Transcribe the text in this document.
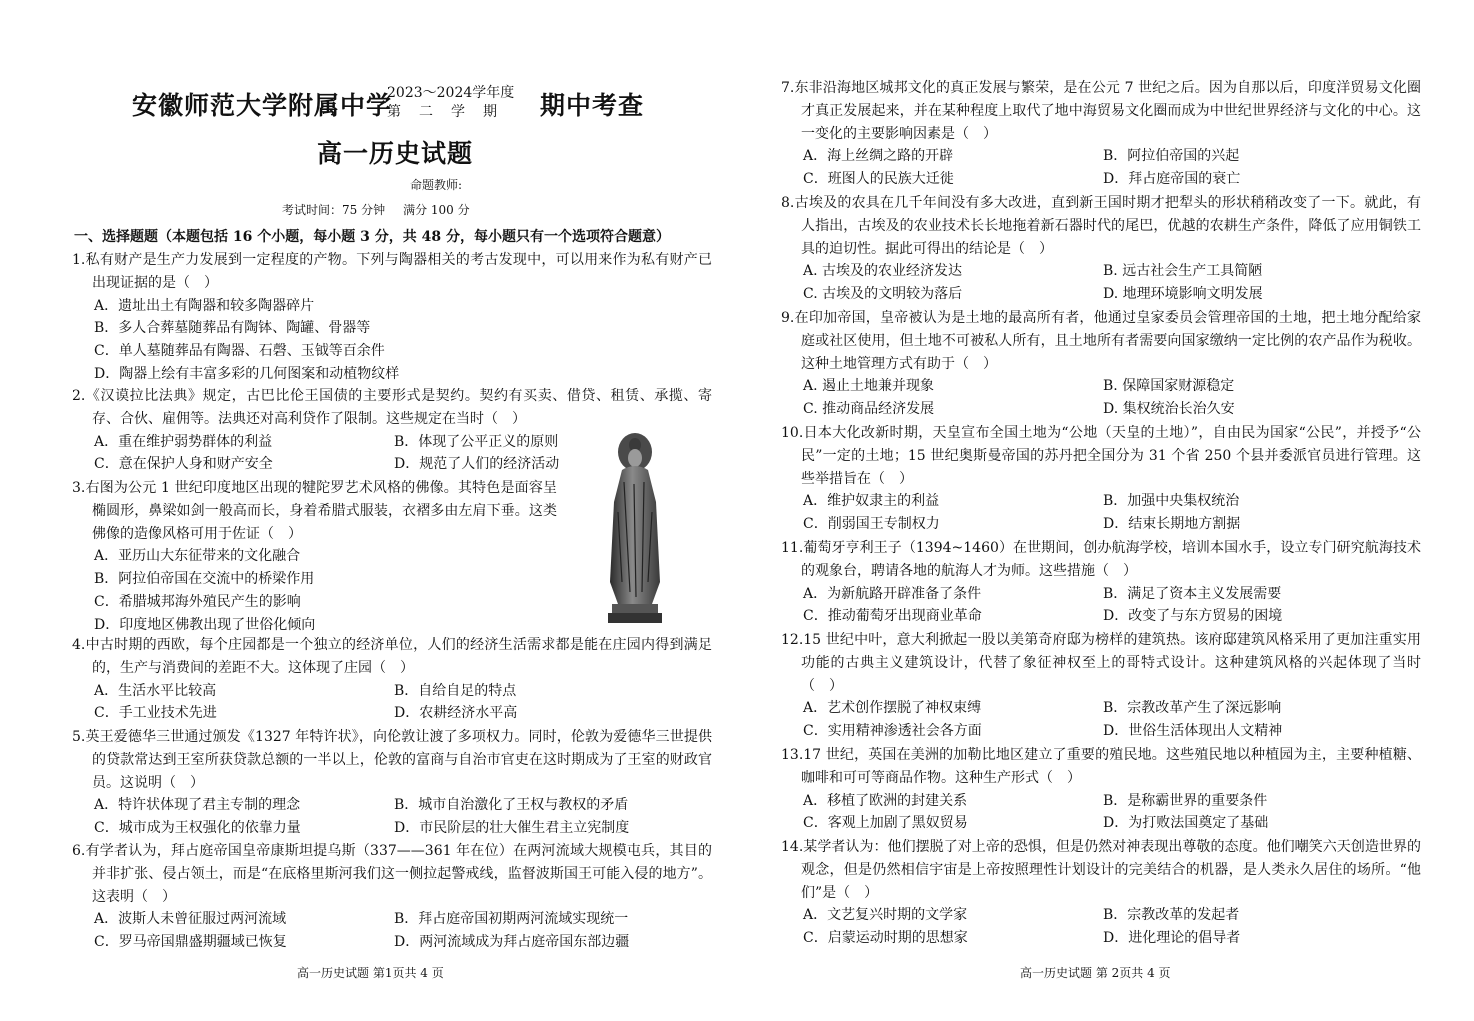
安徽师范大学附属中学
2023～2024学年度
第二学期 期中考查
高一历史试题
命题教师:
考试时间：75 分钟 满分 100 分
一、选择题题（本题包括 16 个小题，每小题 3 分，共 48 分，每小题只有一个选项符合题意）

1.私有财产是生产力发展到一定程度的产物。下列与陶器相关的考古发现中，可以用来作为私有财产已出现证据的是（　）

A．遗址出土有陶器和较多陶器碎片
B．多人合葬墓随葬品有陶钵、陶罐、骨器等
C．单人墓随葬品有陶器、石磬、玉钺等百余件
D．陶器上绘有丰富多彩的几何图案和动植物纹样

2.《汉谟拉比法典》规定，古巴比伦王国债的主要形式是契约。契约有买卖、借贷、租赁、承揽、寄存、合伙、雇佣等。法典还对高利贷作了限制。这些规定在当时（　）

A．重在维护弱势群体的利益	B．体现了公平正义的原则
C．意在保护人身和财产安全	D．规范了人们的经济活动

3.右图为公元 1 世纪印度地区出现的犍陀罗艺术风格的佛像。其特色是面容呈椭圆形，鼻梁如剑一般高而长，身着希腊式服装，衣褶多由左肩下垂。这类佛像的造像风格可用于佐证（　）

A．亚历山大东征带来的文化融合
B．阿拉伯帝国在交流中的桥梁作用
C．希腊城邦海外殖民产生的影响
D．印度地区佛教出现了世俗化倾向

4.中古时期的西欧，每个庄园都是一个独立的经济单位，人们的经济生活需求都是能在庄园内得到满足的，生产与消费间的差距不大。这体现了庄园（　）

A．生活水平比较高	B．自给自足的特点
C．手工业技术先进	D．农耕经济水平高

5.英王爱德华三世通过颁发《1327 年特许状》，向伦敦让渡了多项权力。同时，伦敦为爱德华三世提供的贷款常达到王室所获贷款总额的一半以上，伦敦的富商与自治市官吏在这时期成为了王室的财政官员。这说明（　）

A．特许状体现了君主专制的理念	B．城市自治激化了王权与教权的矛盾
C．城市成为王权强化的依靠力量	D．市民阶层的壮大催生君主立宪制度

6.有学者认为，拜占庭帝国皇帝康斯坦提乌斯（337——361 年在位）在两河流域大规模屯兵，其目的并非扩张、侵占领土，而是“在底格里斯河我们这一侧拉起警戒线，监督波斯国王可能入侵的地方”。这表明（　）

A．波斯人未曾征服过两河流域	B．拜占庭帝国初期两河流域实现统一
C．罗马帝国鼎盛期疆域已恢复	D．两河流域成为拜占庭帝国东部边疆
高一历史试题 第1页共 4 页

7.东非沿海地区城邦文化的真正发展与繁荣，是在公元 7 世纪之后。因为自那以后，印度洋贸易文化圈才真正发展起来，并在某种程度上取代了地中海贸易文化圈而成为中世纪世界经济与文化的中心。这一变化的主要影响因素是（　）

A．海上丝绸之路的开辟	B．阿拉伯帝国的兴起
C．班图人的民族大迁徙	D．拜占庭帝国的衰亡

8.古埃及的农具在几千年间没有多大改进，直到新王国时期才把犁头的形状稍稍改变了一下。就此，有人指出，古埃及的农业技术长长地拖着新石器时代的尾巴，优越的农耕生产条件，降低了应用铜铁工具的迫切性。据此可得出的结论是（　）

A. 古埃及的农业经济发达	B. 远古社会生产工具简陋
C. 古埃及的文明较为落后	D. 地理环境影响文明发展

9.在印加帝国，皇帝被认为是土地的最高所有者，他通过皇家委员会管理帝国的土地，把土地分配给家庭或社区使用，但土地不可被私人所有，且土地所有者需要向国家缴纳一定比例的农产品作为税收。这种土地管理方式有助于（　）

A. 遏止土地兼并现象	B. 保障国家财源稳定
C. 推动商品经济发展	D. 集权统治长治久安

10.日本大化改新时期，天皇宣布全国土地为“公地（天皇的土地）”，自由民为国家“公民”，并授予“公民”一定的土地；15 世纪奥斯曼帝国的苏丹把全国分为 31 个省 250 个县并委派官员进行管理。这些举措旨在（　）

A．维护奴隶主的利益	B．加强中央集权统治
C．削弱国王专制权力	D．结束长期地方割据

11.葡萄牙亨利王子（1394~1460）在世期间，创办航海学校，培训本国水手，设立专门研究航海技术的观象台，聘请各地的航海人才为师。这些措施（　）

A．为新航路开辟准备了条件	B．满足了资本主义发展需要
C．推动葡萄牙出现商业革命	D．改变了与东方贸易的困境

12.15 世纪中叶，意大利掀起一股以美第奇府邸为榜样的建筑热。该府邸建筑风格采用了更加注重实用功能的古典主义建筑设计，代替了象征神权至上的哥特式设计。这种建筑风格的兴起体现了当时（　）

A．艺术创作摆脱了神权束缚	B．宗教改革产生了深远影响
C．实用精神渗透社会各方面	D．世俗生活体现出人文精神

13.17 世纪，英国在美洲的加勒比地区建立了重要的殖民地。这些殖民地以种植园为主，主要种植糖、咖啡和可可等商品作物。这种生产形式（　）

A．移植了欧洲的封建关系	B．是称霸世界的重要条件
C．客观上加剧了黑奴贸易	D．为打败法国奠定了基础

14.某学者认为：他们摆脱了对上帝的恐惧，但是仍然对神表现出尊敬的态度。他们嘲笑六天创造世界的观念，但是仍然相信宇宙是上帝按照理性计划设计的完美结合的机器，是人类永久居住的场所。“他们”是（　）

A．文艺复兴时期的文学家	B．宗教改革的发起者
C．启蒙运动时期的思想家	D．进化理论的倡导者
高一历史试题 第 2页共 4 页
